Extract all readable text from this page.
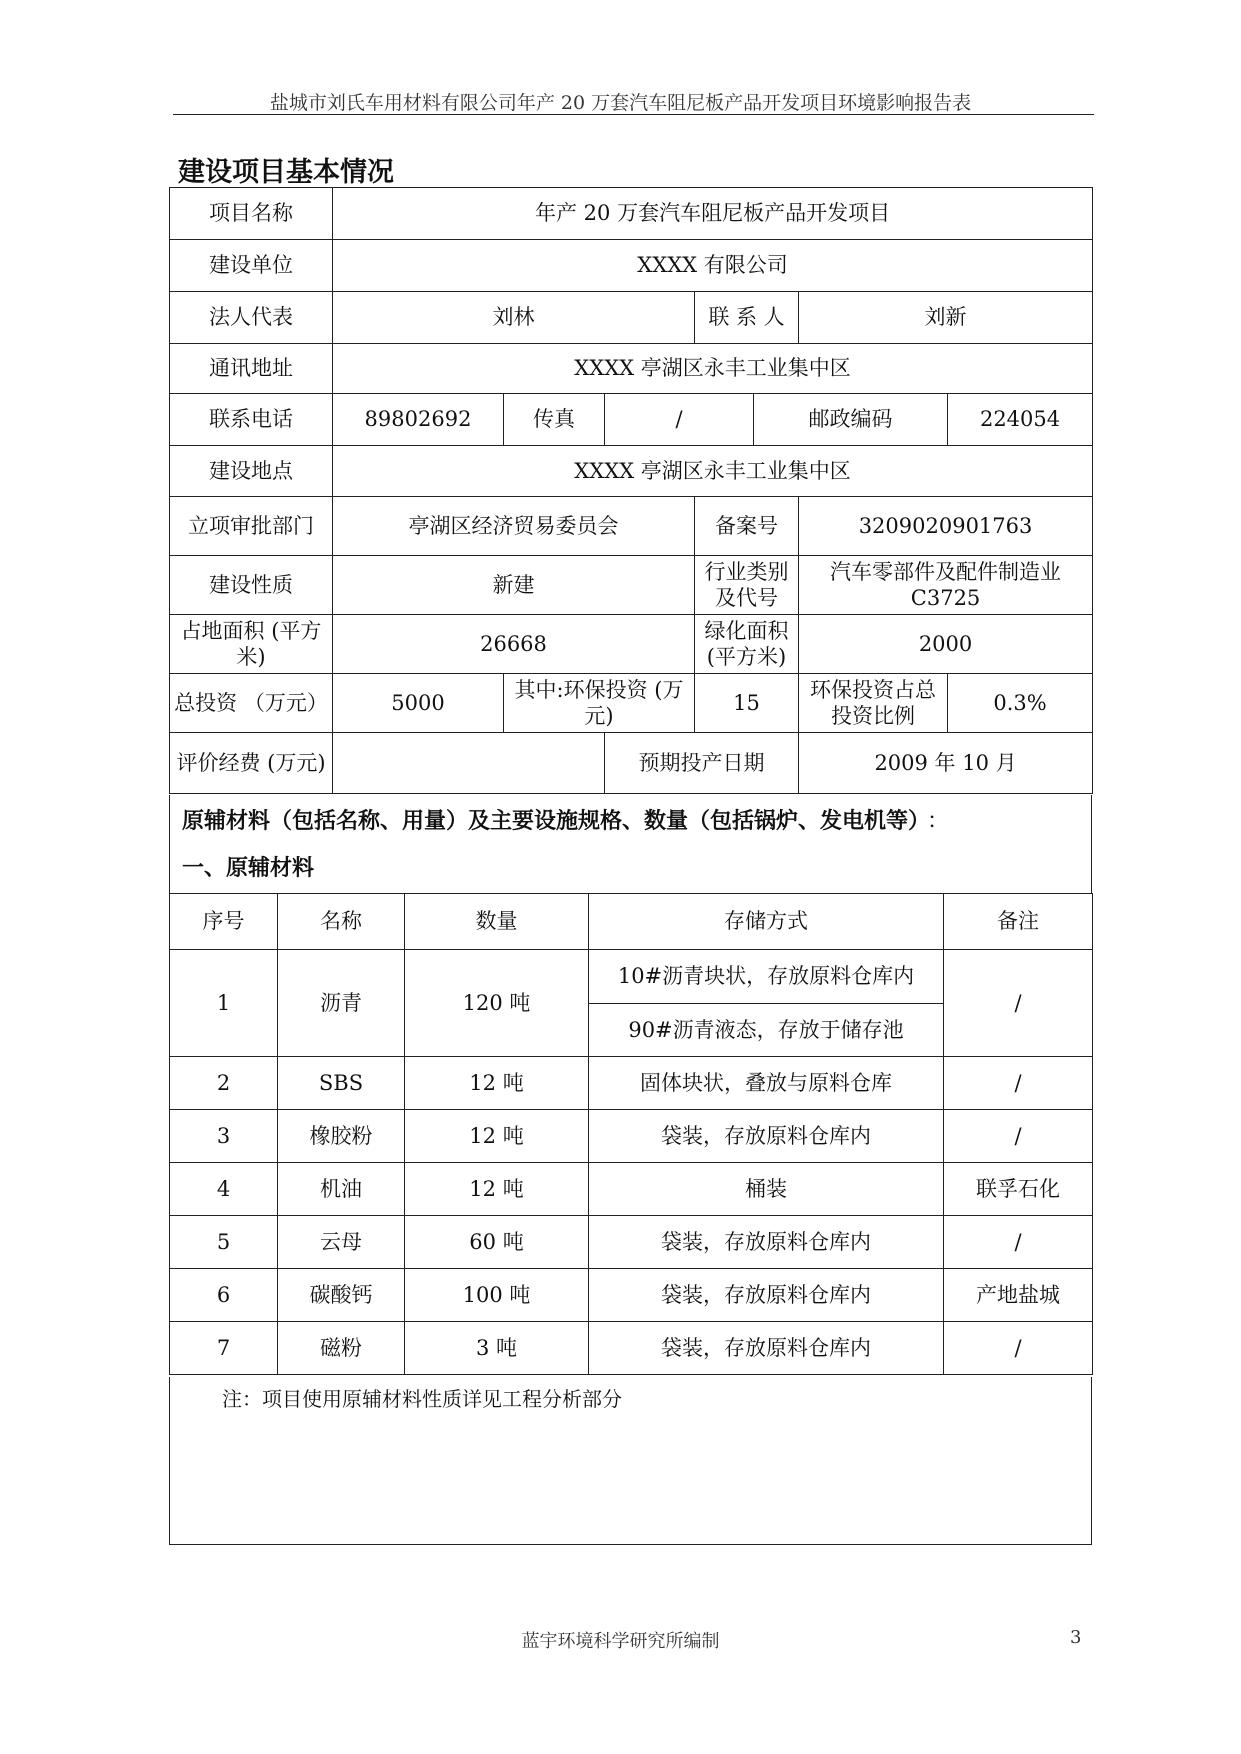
盐城市刘氏车用材料有限公司年产 20 万套汽车阻尼板产品开发项目环境影响报告表
建设项目基本情况
项目名称	年产 20 万套汽车阻尼板产品开发项目						
建设单位	XXXX 有限公司						
法人代表	刘林			联 系 人		刘新	
通讯地址	XXXX 亭湖区永丰工业集中区						
联系电话	89802692	传真	/		邮政编码		224054
建设地点	XXXX 亭湖区永丰工业集中区						
立项审批部门	亭湖区经济贸易委员会			备案号		3209020901763	
建设性质	新建			行业类别及代号		汽车零部件及配件制造业 C3725	
占地面积 (平方米)	26668			绿化面积 (平方米)		2000	
总投资 （万元）	5000	其中:环保投资 (万元)		15		环保投资占总投资比例	0.3%
评价经费 (万元)			预期投产日期			2009 年 10 月	
原辅材料（包括名称、用量）及主要设施规格、数量（包括锅炉、发电机等） ：
一、原辅材料
序号	名称	数量	存储方式	备注
1	沥青	120 吨	10#沥青块状，存放原料仓库内	/
			90#沥青液态，存放于储存池	
2	SBS	12 吨	固体块状，叠放与原料仓库	/
3	橡胶粉	12 吨	袋装，存放原料仓库内	/
4	机油	12 吨	桶装	联孚石化
5	云母	60 吨	袋装，存放原料仓库内	/
6	碳酸钙	100 吨	袋装，存放原料仓库内	产地盐城
7	磁粉	3 吨	袋装，存放原料仓库内	/
注：项目使用原辅材料性质详见工程分析部分
蓝宇环境科学研究所编制	3
